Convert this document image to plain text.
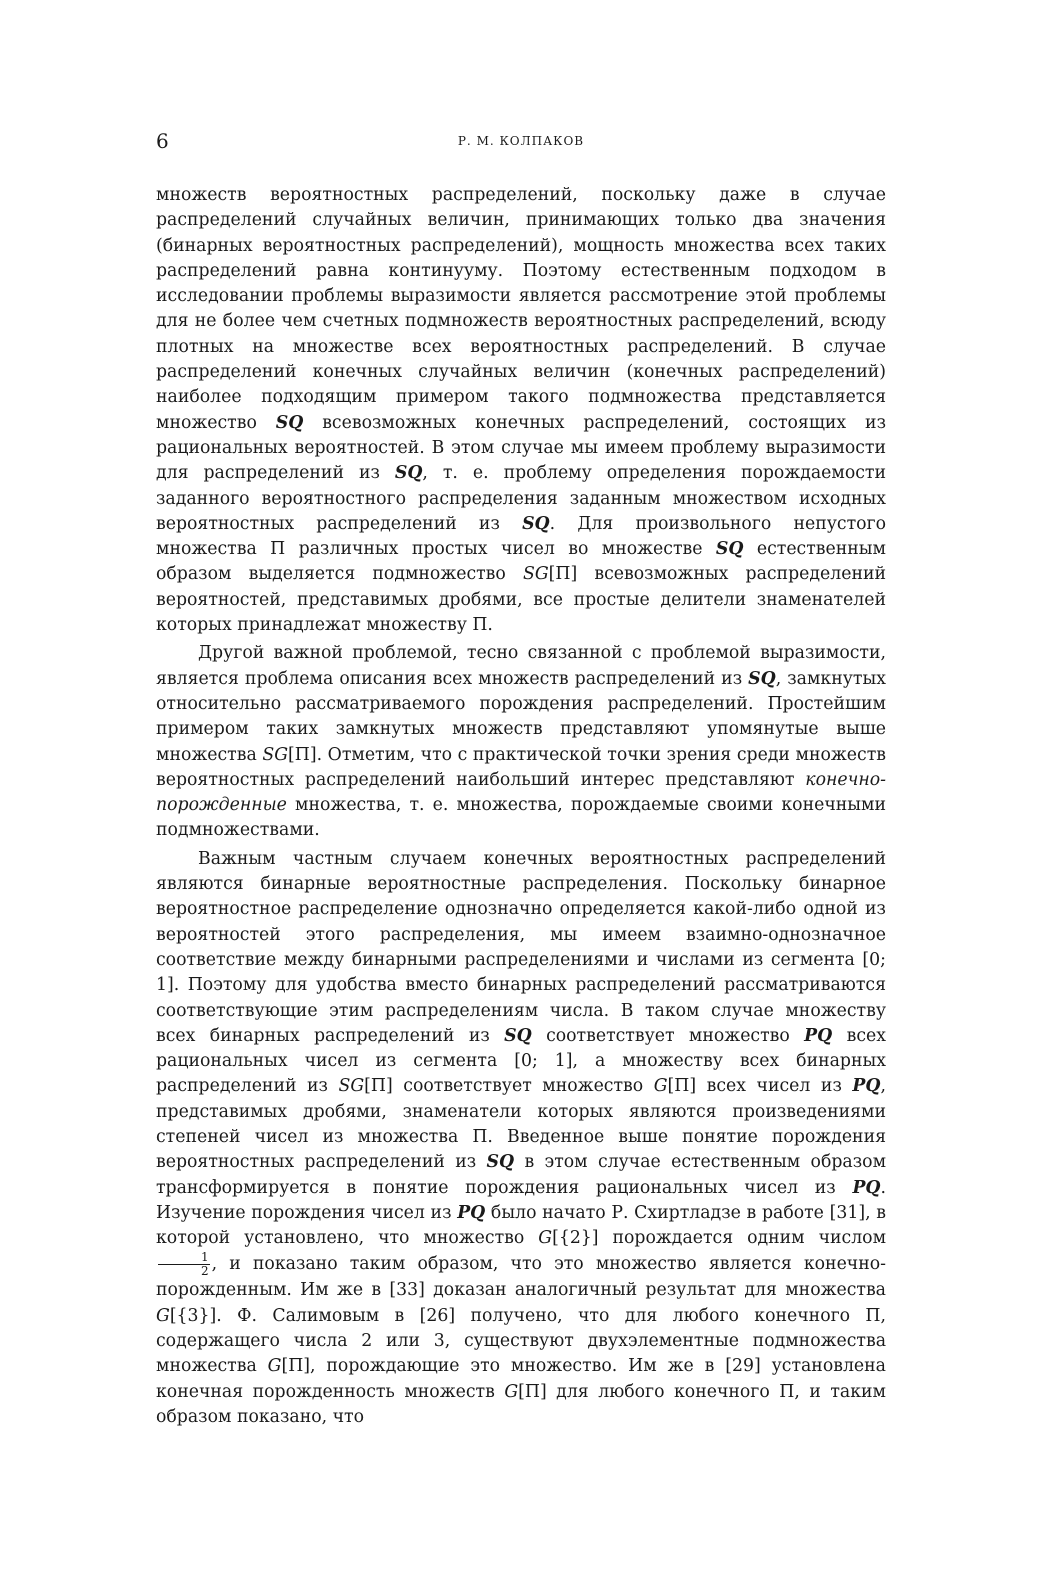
6	Р. М. КОЛПАКОВ

множеств вероятностных распределений, поскольку даже в случае распределений случайных величин, принимающих только два значения (бинарных вероятностных распределений), мощность множества всех таких распределений равна континууму. Поэтому естественным подходом в исследовании проблемы выразимости является рассмотрение этой проблемы для не более чем счетных подмножеств вероятностных распределений, всюду плотных на множестве всех вероятностных распределений. В случае распределений конечных случайных величин (конечных распределений) наиболее подходящим примером такого подмножества представляется множество SQ всевозможных конечных распределений, состоящих из рациональных вероятностей. В этом случае мы имеем проблему выразимости для распределений из SQ, т. е. проблему определения порождаемости заданного вероятностного распределения заданным множеством исходных вероятностных распределений из SQ. Для произвольного непустого множества П различных простых чисел во множестве SQ естественным образом выделяется подмножество SG[П] всевозможных распределений вероятностей, представимых дробями, все простые делители знаменателей которых принадлежат множеству П.

Другой важной проблемой, тесно связанной с проблемой выразимости, является проблема описания всех множеств распределений из SQ, замкнутых относительно рассматриваемого порождения распределений. Простейшим примером таких замкнутых множеств представляют упомянутые выше множества SG[П]. Отметим, что с практической точки зрения среди множеств вероятностных распределений наибольший интерес представляют конечно-порожденные множества, т. е. множества, порождаемые своими конечными подмножествами.

Важным частным случаем конечных вероятностных распределений являются бинарные вероятностные распределения. Поскольку бинарное вероятностное распределение однозначно определяется какой-либо одной из вероятностей этого распределения, мы имеем взаимно-однозначное соответствие между бинарными распределениями и числами из сегмента [0; 1]. Поэтому для удобства вместо бинарных распределений рассматриваются соответствующие этим распределениям числа. В таком случае множеству всех бинарных распределений из SQ соответствует множество PQ всех рациональных чисел из сегмента [0; 1], а множеству всех бинарных распределений из SG[П] соответствует множество G[П] всех чисел из PQ, представимых дробями, знаменатели которых являются произведениями степеней чисел из множества П. Введенное выше понятие порождения вероятностных распределений из SQ в этом случае естественным образом трансформируется в понятие порождения рациональных чисел из PQ. Изучение порождения чисел из PQ было начато Р. Схиртладзе в работе [31], в которой установлено, что множество G[{2}] порождается одним числом
$\frac{1}{2}$ , и показано таким образом, что это множество является конечно-порожденным. Им же в [33] доказан аналогичный результат для множества G[{3}]. Ф. Салимовым в [26] получено, что для любого конечного П, содержащего числа 2 или 3, существуют двухэлементные подмножества множества G[П], порождающие это множество. Им же в [29] установлена конечная порожденность множеств G[П] для любого конечного П, и таким образом показано, что
